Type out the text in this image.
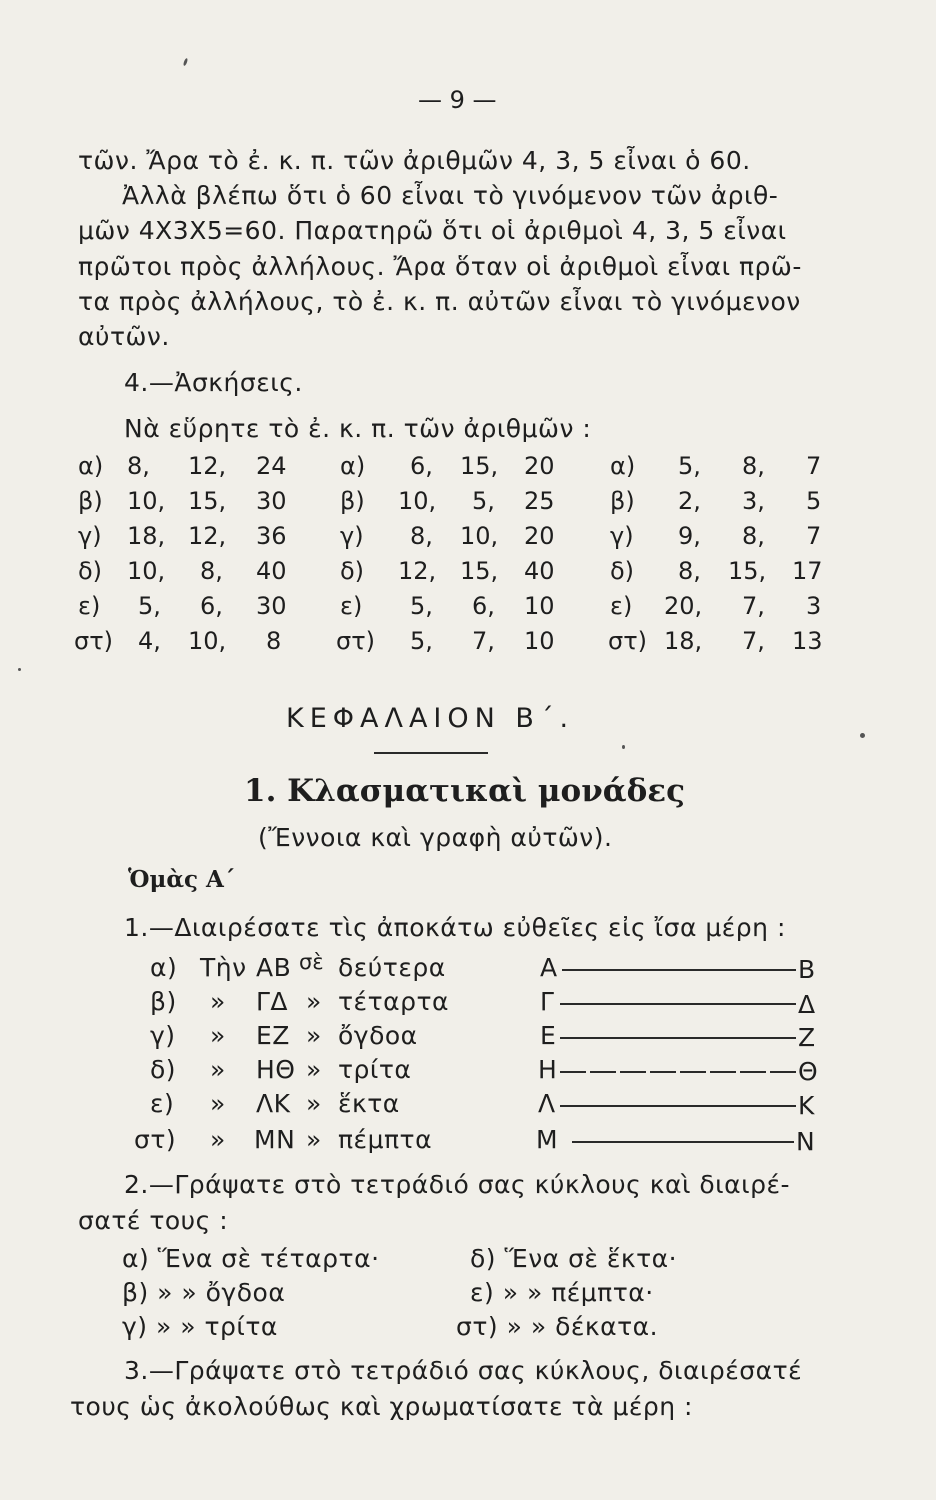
— 9 —
τῶν. Ἄρα τὸ ἐ. κ. π. τῶν ἀριθμῶν 4, 3, 5 εἶναι ὁ 60.
Ἀλλὰ βλέπω ὅτι ὁ 60 εἶναι τὸ γινόμενον τῶν ἀριθ-
μῶν 4X3X5=60. Παρατηρῶ ὅτι οἱ ἀριθμοὶ 4, 3, 5 εἶναι
πρῶτοι πρὸς ἀλλήλους. Ἄρα ὅταν οἱ ἀριθμοὶ εἶναι πρῶ-
τα πρὸς ἀλλήλους, τὸ ἐ. κ. π. αὐτῶν εἶναι τὸ γινόμενον
αὐτῶν.
4.—Ἀσκήσεις.
Νὰ εὕρητε τὸ ἐ. κ. π. τῶν ἀριθμῶν :
α) 8, 12, 24
β) 10, 15, 30
γ) 18, 12, 36
δ) 10, 8, 40
ε) 5, 6, 30
στ) 4, 10, 8
α) 6, 15, 20
β) 10, 5, 25
γ) 8, 10, 20
δ) 12, 15, 40
ε) 5, 6, 10
στ) 5, 7, 10
α) 5, 8, 7
β) 2, 3, 5
γ) 9, 8, 7
δ) 8, 15, 17
ε) 20, 7, 3
στ) 18, 7, 13
ΚΕΦΑΛΑΙΟΝ Β΄.
1. Κλασματικαὶ μονάδες
(Ἔννοια καὶ γραφὴ αὐτῶν).
Ὁμὰς Α΄
1.—Διαιρέσατε τὶς ἀποκάτω εὐθεῖες εἰς ἴσα μέρη :
α) Τὴν ΑΒ σὲ δεύτερα	Α	Β
β) » ΓΔ » τέταρτα	Γ	Δ
γ) » ΕΖ » ὄγδοα	Ε	Ζ
δ) » ΗΘ » τρίτα	Η	Θ
ε) » ΛΚ » ἕκτα	Λ	Κ
στ) » ΜΝ » πέμπτα	Μ	Ν
2.—Γράψατε στὸ τετράδιό σας κύκλους καὶ διαιρέ-
σατέ τους :
α) Ἕνα σὲ τέταρτα·	δ) Ἕνα σὲ ἕκτα·
β) » » ὄγδοα	ε) » » πέμπτα·
γ) » » τρίτα	στ) » » δέκατα.
3.—Γράψατε στὸ τετράδιό σας κύκλους, διαιρέσατέ
τους ὡς ἀκολούθως καὶ χρωματίσατε τὰ μέρη :
